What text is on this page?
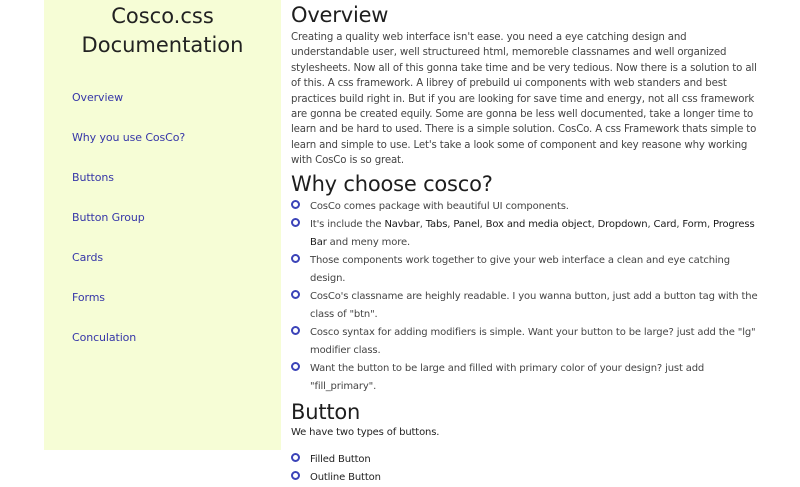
Cosco.css
Documentation
Overview
Why you use CosCo?
Buttons
Button Group
Cards
Forms
Conculation
Overview

Creating a quality web interface isn't ease. you need a eye catching design and understandable user, well structureed html, memoreble classnames and well organized stylesheets. Now all of this gonna take time and be very tedious. Now there is a solution to all of this. A css framework. A librey of prebuild ui components with web standers and best practices build right in. But if you are looking for save time and energy, not all css framework are gonna be created equily. Some are gonna be less well documented, take a longer time to learn and be hard to used. There is a simple solution. CosCo. A css Framework thats simple to learn and simple to use. Let's take a look some of component and key reasone why working with CosCo is so great.

Why choose cosco?
CosCo comes package with beautiful UI components.
It's include the Navbar, Tabs, Panel, Box and media object, Dropdown, Card, Form, Progress Bar and meny more.
Those components work together to give your web interface a clean and eye catching design.
CosCo's classname are heighly readable. I you wanna button, just add a button tag with the class of "btn".
Cosco syntax for adding modifiers is simple. Want your button to be large? just add the "lg" modifier class.
Want the button to be large and filled with primary color of your design? just add "fill_primary".
Button

We have two types of buttons.

Filled Button
Outline Button
